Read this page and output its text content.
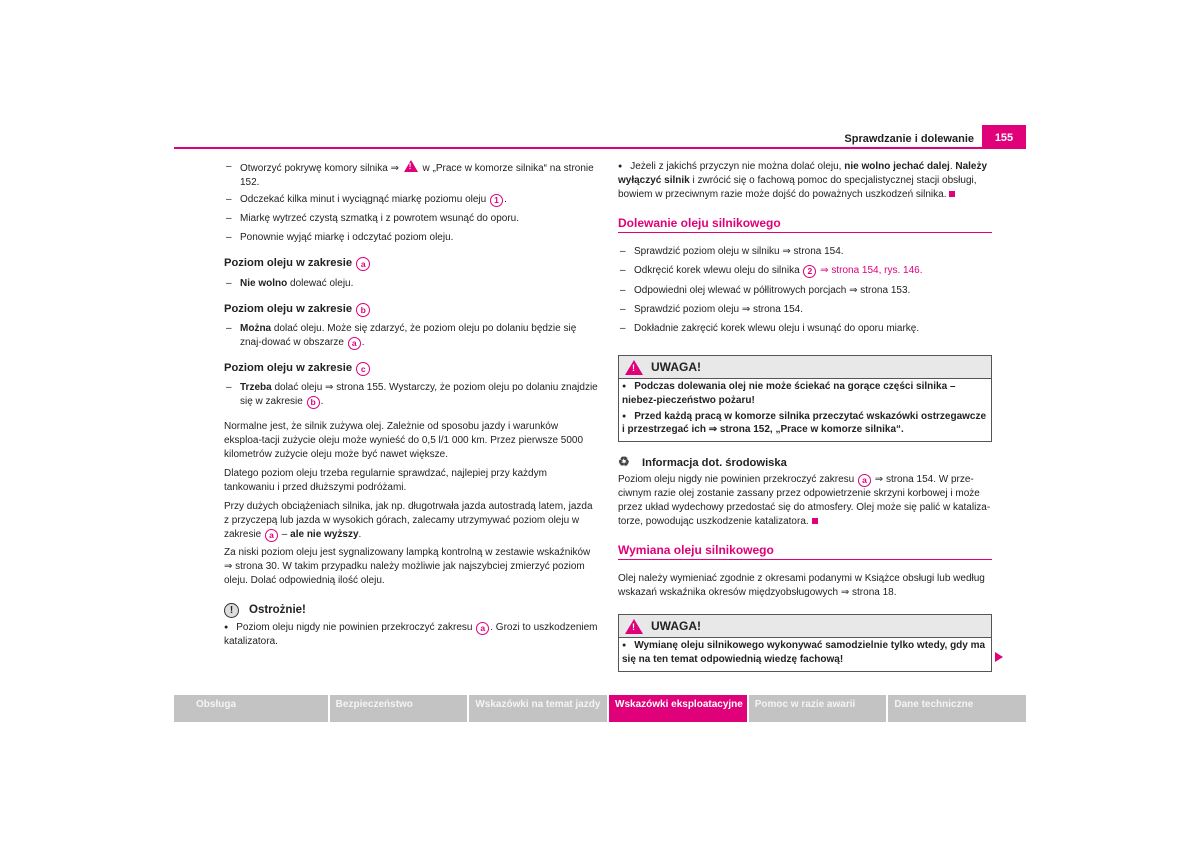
Sprawdzanie i dolewanie	155
– Otworzyć pokrywę komory silnika ⇒ ! w „Prace w komorze silnika“ na stronie 152.
– Odczekać kilka minut i wyciągnąć miarkę poziomu oleju 1 .
– Miarkę wytrzeć czystą szmatką i z powrotem wsunąć do oporu.
– Ponownie wyjąć miarkę i odczytać poziom oleju.
Poziom oleju w zakresie a
– Nie wolno dolewać oleju.
Poziom oleju w zakresie b
– Można dolać oleju. Może się zdarzyć, że poziom oleju po dolaniu będzie się znaj-dować w obszarze a .
Poziom oleju w zakresie c
– Trzeba dolać oleju ⇒ strona 155. Wystarczy, że poziom oleju po dolaniu znajdzie się w zakresie b .
Normalne jest, że silnik zużywa olej. Zależnie od sposobu jazdy i warunków eksploa-tacji zużycie oleju może wynieść do 0,5 l/1 000 km. Przez pierwsze 5000 kilometrów zużycie oleju może być nawet większe.
Dlatego poziom oleju trzeba regularnie sprawdzać, najlepiej przy każdym tankowaniu i przed dłuższymi podróżami.
Przy dużych obciążeniach silnika, jak np. długotrwała jazda autostradą latem, jazda z przyczepą lub jazda w wysokich górach, zalecamy utrzymywać poziom oleju w zakresie a – ale nie wyższy.
Za niski poziom oleju jest sygnalizowany lampką kontrolną w zestawie wskaźników ⇒ strona 30. W takim przypadku należy możliwie jak najszybciej zmierzyć poziom oleju. Dolać odpowiednią ilość oleju.
! Ostrożnie!
● Poziom oleju nigdy nie powinien przekroczyć zakresu a . Grozi to uszkodzeniem katalizatora.
● Jeżeli z jakichś przyczyn nie można dolać oleju, nie wolno jechać dalej. Należy wyłączyć silnik i zwrócić się o fachową pomoc do specjalistycznej stacji obsługi, bowiem w przeciwnym razie może dojść do poważnych uszkodzeń silnika.
Dolewanie oleju silnikowego
– Sprawdzić poziom oleju w silniku ⇒ strona 154.
– Odkręcić korek wlewu oleju do silnika 2 ⇒ strona 154, rys. 146.
– Odpowiedni olej wlewać w półlitrowych porcjach ⇒ strona 153.
– Sprawdzić poziom oleju ⇒ strona 154.
– Dokładnie zakręcić korek wlewu oleju i wsunąć do oporu miarkę.
!
UWAGA!

● Podczas dolewania olej nie może ściekać na gorące części silnika – niebez-pieczeństwo pożaru!

● Przed każdą pracą w komorze silnika przeczytać wskazówki ostrzegawcze i przestrzegać ich ⇒ strona 152, „Prace w komorze silnika“.

♻ Informacja dot. środowiska
Poziom oleju nigdy nie powinien przekroczyć zakresu a ⇒ strona 154. W prze-ciwnym razie olej zostanie zassany przez odpowietrzenie skrzyni korbowej i może przez układ wydechowy przedostać się do atmosfery. Olej może się palić w kataliza-torze, powodując uszkodzenie katalizatora.
Wymiana oleju silnikowego
Olej należy wymieniać zgodnie z okresami podanymi w Książce obsługi lub według wskazań wskaźnika okresów międzyobsługowych ⇒ strona 18.
!
UWAGA!

● Wymianę oleju silnikowego wykonywać samodzielnie tylko wtedy, gdy ma się na ten temat odpowiednią wiedzę fachową!

Obsługa	Bezpieczeństwo	Wskazówki na temat jazdy	Wskazówki eksploatacyjne	Pomoc w razie awarii	Dane techniczne
